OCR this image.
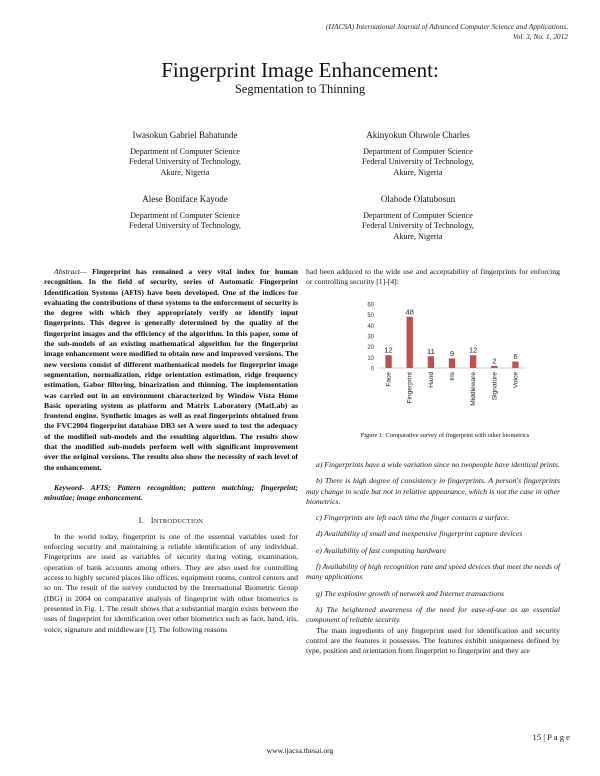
(IJACSA) International Journal of Advanced Computer Science and Applications,
Vol. 3, No. 1, 2012
Fingerprint Image Enhancement:
Segmentation to Thinning
Iwasokun Gabriel Babatunde
Department of Computer Science
Federal University of Technology,
Akure, Nigeria
Akinyokun Oluwole Charles
Department of Computer Science
Federal University of Technology,
Akure, Nigeria
Alese Boniface Kayode
Department of Computer Science
Federal University of Technology,
Olabode Olatubosun
Department of Computer Science
Federal University of Technology,
Akure, Nigeria

Abstract— Fingerprint has remained a very vital index for human recognition. In the field of security, series of Automatic Fingerprint Identification Systems (AFIS) have been developed. One of the indices for evaluating the contributions of these systems to the enforcement of security is the degree with which they appropriately verify or identify input fingerprints. This degree is generally determined by the quality of the fingerprint images and the efficiency of the algorithm. In this paper, some of the sub-models of an existing mathematical algorithm for the fingerprint image enhancement were modified to obtain new and improved versions. The new versions consist of different mathematical models for fingerprint image segmentation, normalization, ridge orientation estimation, ridge frequency estimation, Gabor filtering, binarization and thinning. The implementation was carried out in an environment characterized by Window Vista Home Basic operating system as platform and Matrix Laboratory (MatLab) as frontend engine. Synthetic images as well as real fingerprints obtained from the FVC2004 fingerprint database DB3 set A were used to test the adequacy of the modified sub-models and the resulting algorithm. The results show that the modified sub-models perform well with significant improvement over the original versions. The results also show the necessity of each level of the enhancement.

Keyword- AFIS; Pattern recognition; pattern matching; fingerprint; minutiae; image enhancement.

I. INTRODUCTION

In the world today, fingerprint is one of the essential variables used for enforcing security and maintaining a reliable identification of any individual. Fingerprints are used as variables of security during voting, examination, operation of bank accounts among others. They are also used for controlling access to highly secured places like offices, equipment rooms, control centers and so on. The result of the survey conducted by the International Biometric Group (IBG) in 2004 on comparative analysis of fingerprint with other biometrics is presented in Fig. 1. The result shows that a substantial margin exists between the uses of fingerprint for identification over other biometrics such as face, hand, iris, voice, signature and middleware [1]. The following reasons

had been adduced to the wide use and acceptability of fingerprints for enforcing or controlling security [1]-[4]:

0
10
20
30
40
50
60
12
Face
48
Fingerprint
11
Hand
9
Iris
12
Middleware
2
Signature
6
Voice
Figure 1: Comparative survey of fingerprint with other biometrics

a) Fingerprints have a wide variation since no twopeople have identical prints.

b) There is high degree of consistency in fingerprints. A person's fingerprints may change in scale but not in relative appearance, which is not the case in other biometrics.

c) Fingerprints are left each time the finger contacts a surface.

d) Availability of small and inexpensive fingerprint capture devices

e) Availability of fast computing hardware

f) Availability of high recognition rate and speed devices that meet the needs of many applications

g) The explosive growth of network and Internet transactions

h) The heightened awareness of the need for ease-of-use as an essential component of reliable security.

The main ingredients of any fingerprint used for identification and security control are the features it possesses. The features exhibit uniqueness defined by type, position and orientation from fingerprint to fingerprint and they are

15 | P a g e
www.ijacsa.thesai.org
